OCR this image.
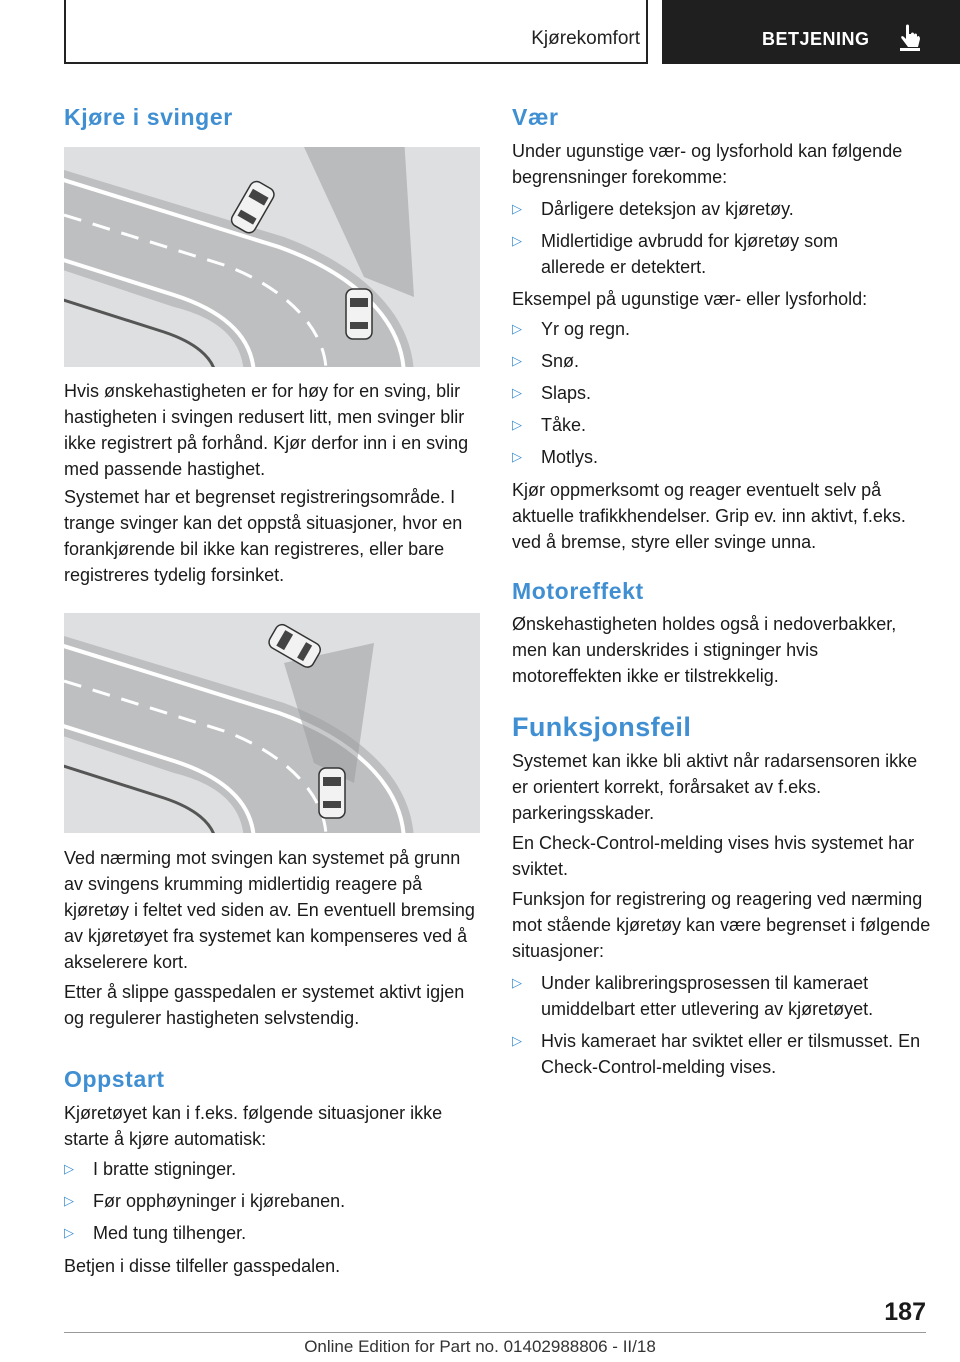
Kjørekomfort	BETJENING
Kjøre i svinger

Hvis ønskehastigheten er for høy for en sving, blir hastigheten i svingen redusert litt, men svinger blir ikke registrert på forhånd. Kjør derfor inn i en sving med passende hastighet.

Systemet har et begrenset registreringsområde. I trange svinger kan det oppstå situasjoner, hvor en forankjørende bil ikke kan registreres, eller bare registreres tydelig forsinket.

Ved nærming mot svingen kan systemet på grunn av svingens krumming midlertidig reagere på kjøretøy i feltet ved siden av. En eventuell bremsing av kjøretøyet fra systemet kan kompenseres ved å akselerere kort.

Etter å slippe gasspedalen er systemet aktivt igjen og regulerer hastigheten selvstendig.

Oppstart

Kjøretøyet kan i f.eks. følgende situasjoner ikke starte å kjøre automatisk:

▷	I bratte stigninger.
▷	Før opphøyninger i kjørebanen.
▷	Med tung tilhenger.

Betjen i disse tilfeller gasspedalen.

Vær

Under ugunstige vær- og lysforhold kan følgende begrensninger forekomme:

▷	Dårligere deteksjon av kjøretøy.
▷	Midlertidige avbrudd for kjøretøy som allerede er detektert.

Eksempel på ugunstige vær- eller lysforhold:

▷	Yr og regn.
▷	Snø.
▷	Slaps.
▷	Tåke.
▷	Motlys.

Kjør oppmerksomt og reager eventuelt selv på aktuelle trafikkhendelser. Grip ev. inn aktivt, f.eks. ved å bremse, styre eller svinge unna.

Motoreffekt

Ønskehastigheten holdes også i nedoverbakker, men kan underskrides i stigninger hvis motoreffekten ikke er tilstrekkelig.

Funksjonsfeil

Systemet kan ikke bli aktivt når radarsensoren ikke er orientert korrekt, forårsaket av f.eks. parkeringsskader.

En Check-Control-melding vises hvis systemet har sviktet.

Funksjon for registrering og reagering ved nærming mot stående kjøretøy kan være begrenset i følgende situasjoner:

▷	Under kalibreringsprosessen til kameraet umiddelbart etter utlevering av kjøretøyet.
▷	Hvis kameraet har sviktet eller er tilsmusset. En Check-Control-melding vises.
187
Online Edition for Part no. 01402988806 - II/18
